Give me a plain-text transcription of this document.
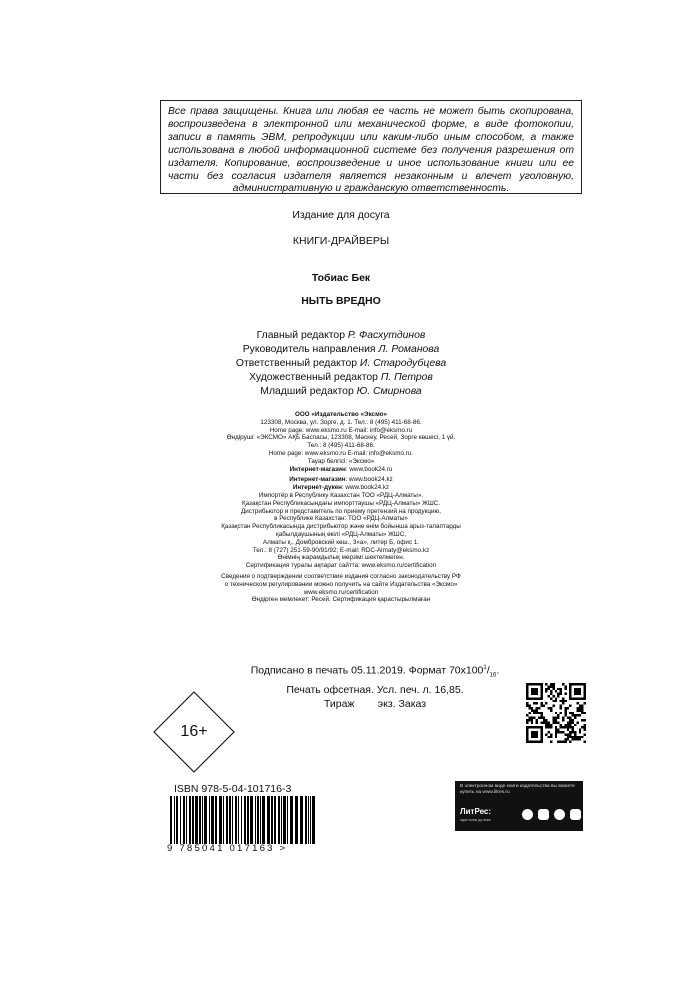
Все права защищены. Книга или любая ее часть не может быть скопирована, воспроизведена в электронной или механической форме, в виде фотокопии, записи в память ЭВМ, репродукции или каким-либо иным способом, а также использована в любой информационной системе без получения разрешения от издателя. Копирование, воспроизведение и иное использование книги или ее части без согласия издателя является незаконным и влечет уголовную, административную и гражданскую ответственность.
Издание для досуга
КНИГИ-ДРАЙВЕРЫ
Тобиас Бек
НЫТЬ ВРЕДНО
Главный редактор Р. Фасхутдинов
Руководитель направления Л. Романова
Ответственный редактор И. Стародубцева
Художественный редактор П. Петров
Младший редактор Ю. Смирнова
ООО «Издательство «Эксмо»
123308, Москва, ул. Зорге, д. 1. Тел.: 8 (495) 411-68-86.
Home page: www.eksmo.ru E-mail: info@eksmo.ru
Өндіруші: «ЭКСМО» АҚБ Баспасы, 123308, Мәскеу, Ресей, Зорге көшесі, 1 үй.
Тел.: 8 (495) 411-68-86.
Home page: www.eksmo.ru E-mail: info@eksmo.ru.
Тауар белгісі: «Эксмо»
Интернет-магазин: www.book24.ru
Интернет-магазин: www.book24.kz
Интернет-дүкен: www.book24.kz
Импортёр в Республику Казахстан ТОО «РДЦ-Алматы».
Қазақстан Республикасындағы импорттаушы «РДЦ-Алматы» ЖШС.
Дистрибьютор и представитель по приему претензий на продукцию,
в Республике Казахстан: ТОО «РДЦ-Алматы»
Қазақстан Республикасында дистрибьютор және өнім бойынша арыз-талаптарды
қабылдаушының өкілі «РДЦ-Алматы» ЖШС,
Алматы қ., Домбровский көш., 3«а», литер Б, офис 1.
Тел.: 8 (727) 251-59-90/91/92; E-mail: RDC-Almaty@eksmo.kz
Өнімнің жарамдылық мерзімі шектелмеген.
Сертификация туралы ақпарат сайтта: www.eksmo.ru/certification
Сведения о подтверждении соответствия издания согласно законодательству РФ
о техническом регулировании можно получить на сайте Издательства «Эксмо»
www.eksmo.ru/certification
Өндірген мемлекет: Ресей. Сертификация қарастырылмаған
Подписано в печать 05.11.2019. Формат $70x100^1/_{16}$.
Печать офсетная. Усл. печ. л. 16,85.
Тираж экз. Заказ
16+
ISBN 978-5-04-101716-3
9 785041 017163 >
В электронном виде книги издательства вы можете купить на www.litres.ru
ЛитРес:
один клик до книг
